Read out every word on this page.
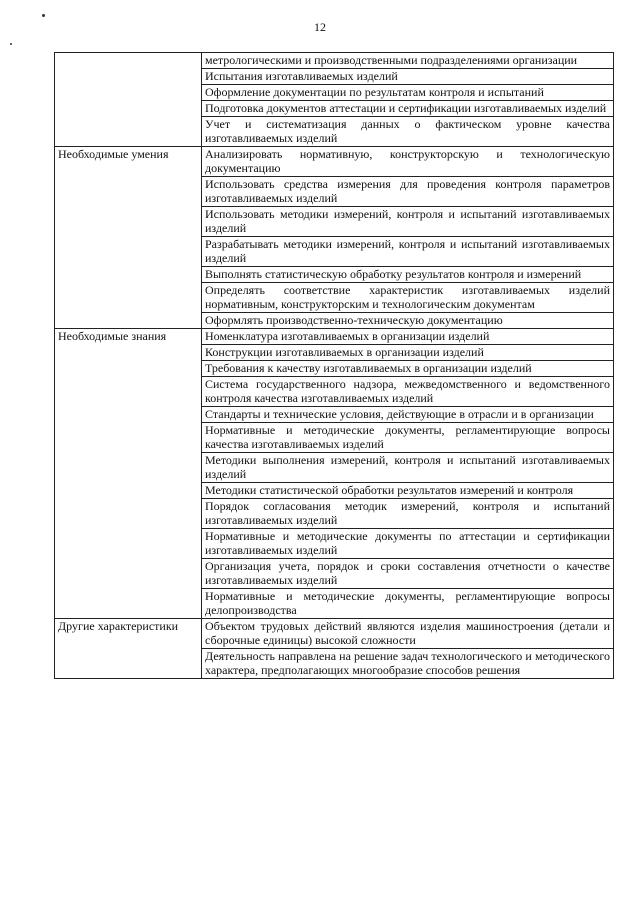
12
	метрологическими и производственными подразделениями организации
	Испытания изготавливаемых изделий
	Оформление документации по результатам контроля и испытаний
	Подготовка документов аттестации и сертификации изготавливаемых изделий
	Учет и систематизация данных о фактическом уровне качества изготавливаемых изделий
Необходимые умения	Анализировать нормативную, конструкторскую и технологическую документацию
	Использовать средства измерения для проведения контроля параметров изготавливаемых изделий
	Использовать методики измерений, контроля и испытаний изготавливаемых изделий
	Разрабатывать методики измерений, контроля и испытаний изготавливаемых изделий
	Выполнять статистическую обработку результатов контроля и измерений
	Определять соответствие характеристик изготавливаемых изделий нормативным, конструкторским и технологическим документам
	Оформлять производственно-техническую документацию
Необходимые знания	Номенклатура изготавливаемых в организации изделий
	Конструкции изготавливаемых в организации изделий
	Требования к качеству изготавливаемых в организации изделий
	Система государственного надзора, межведомственного и ведомственного контроля качества изготавливаемых изделий
	Стандарты и технические условия, действующие в отрасли и в организации
	Нормативные и методические документы, регламентирующие вопросы качества изготавливаемых изделий
	Методики выполнения измерений, контроля и испытаний изготавливаемых изделий
	Методики статистической обработки результатов измерений и контроля
	Порядок согласования методик измерений, контроля и испытаний изготавливаемых изделий
	Нормативные и методические документы по аттестации и сертификации изготавливаемых изделий
	Организация учета, порядок и сроки составления отчетности о качестве изготавливаемых изделий
	Нормативные и методические документы, регламентирующие вопросы делопроизводства
Другие характеристики	Объектом трудовых действий являются изделия машиностроения (детали и сборочные единицы) высокой сложности
	Деятельность направлена на решение задач технологического и методического характера, предполагающих многообразие способов решения
